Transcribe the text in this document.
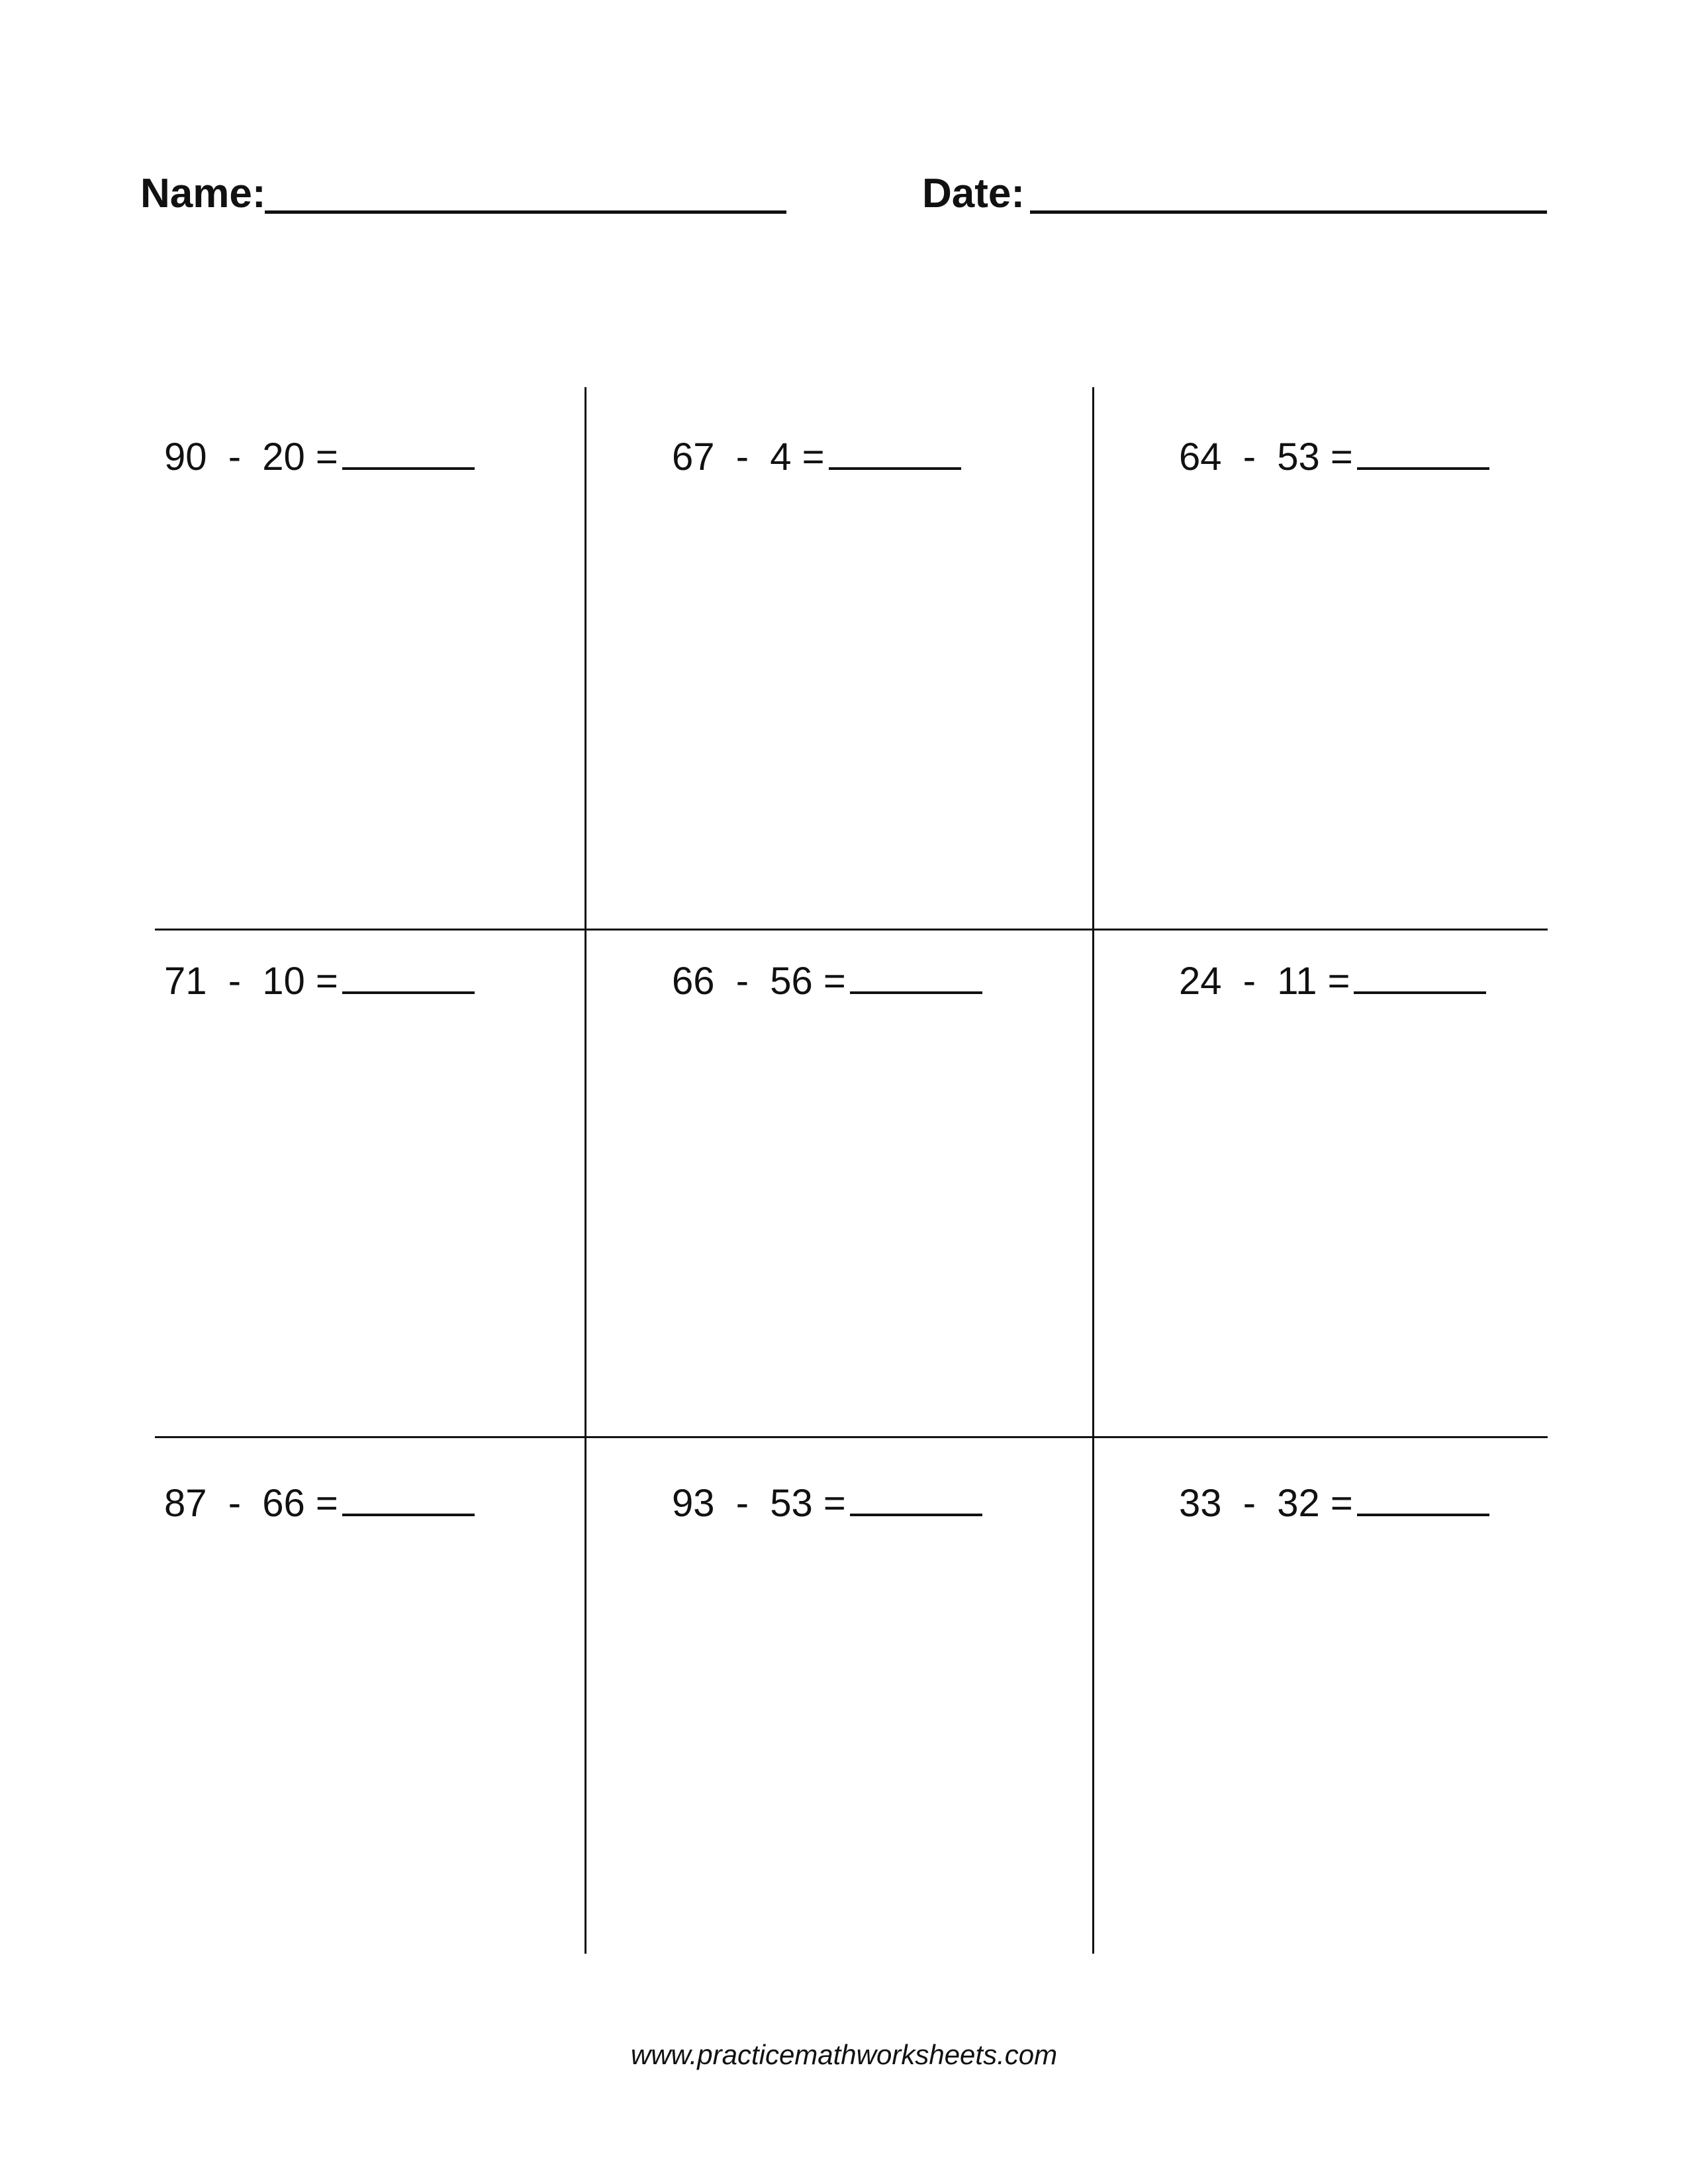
Name:	Date:
90  -  20 =	67  -  4 =	64  -  53 =
71  -  10 =	66  -  56 =	24  -  11 =
87  -  66 =	93  -  53 =	33  -  32 =
www.practicemathworksheets.com
